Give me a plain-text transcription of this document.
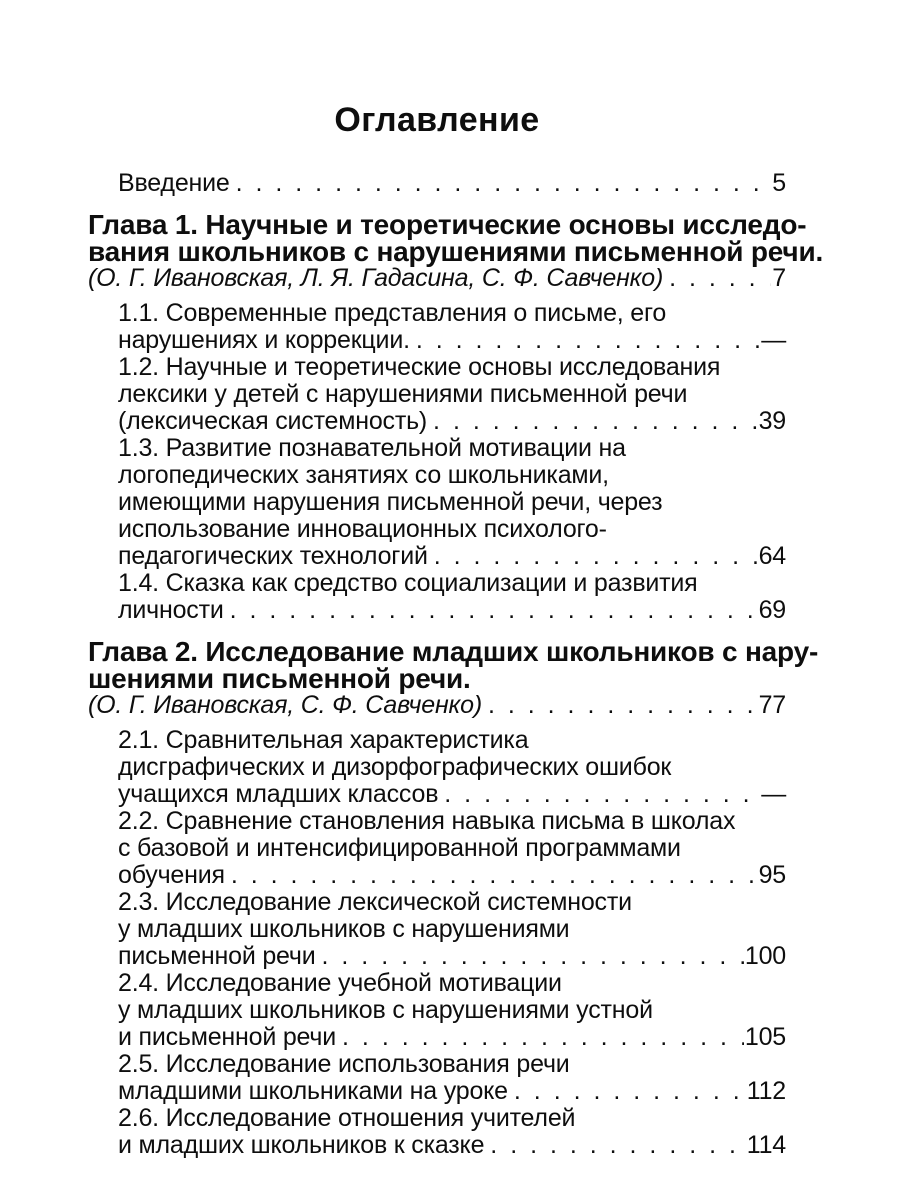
Оглавление
Введение . . .	5
Глава 1. Научные и теоретические основы исследо-
вания школьников с нарушениями письменной речи.
(О. Г. Ивановская, Л. Я. Гадасина, С. Ф. Савченко) . . .	7
1.1. Современные представления о письме, его
нарушениях и коррекции. . . .	—
1.2. Научные и теоретические основы исследования
лексики у детей с нарушениями письменной речи
(лексическая системность) . . .	39
1.3. Развитие познавательной мотивации на
логопедических занятиях со школьниками,
имеющими нарушения письменной речи, через
использование инновационных психолого-
педагогических технологий . . .	64
1.4. Сказка как средство социализации и развития
личности . . .	69
Глава 2. Исследование младших школьников с нару-
шениями письменной речи.
(О. Г. Ивановская, С. Ф. Савченко) . . .	77
2.1. Сравнительная характеристика
дисграфических и дизорфографических ошибок
учащихся младших классов . . .	—
2.2. Сравнение становления навыка письма в школах
с базовой и интенсифицированной программами
обучения . . .	95
2.3. Исследование лексической системности
у младших школьников с нарушениями
письменной речи . . .	100
2.4. Исследование учебной мотивации
у младших школьников с нарушениями устной
и письменной речи . . .	105
2.5. Исследование использования речи
младшими школьниками на уроке . . .	112
2.6. Исследование отношения учителей
и младших школьников к сказке . . .	114
